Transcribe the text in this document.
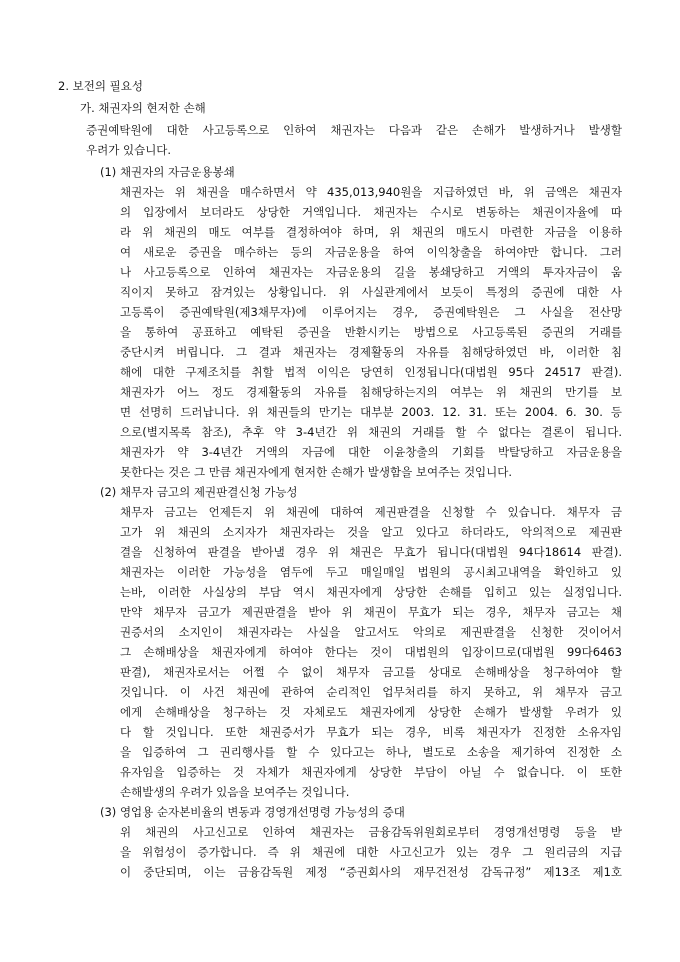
2. 보전의 필요성
가. 채권자의 현저한 손해
증권예탁원에 대한 사고등록으로 인하여 채권자는 다음과 같은 손해가 발생하거나 발생할
우려가 있습니다.
(1) 채권자의 자금운용봉쇄
채권자는 위 채권을 매수하면서 약 435,013,940원을 지급하였던 바, 위 금액은 채권자
의 입장에서 보더라도 상당한 거액입니다. 채권자는 수시로 변동하는 채권이자율에 따
라 위 채권의 매도 여부를 결정하여야 하며, 위 채권의 매도시 마련한 자금을 이용하
여 새로운 증권을 매수하는 등의 자금운용을 하여 이익창출을 하여야만 합니다. 그러
나 사고등록으로 인하여 채권자는 자금운용의 길을 봉쇄당하고 거액의 투자자금이 움
직이지 못하고 잠겨있는 상황입니다. 위 사실관계에서 보듯이 특정의 증권에 대한 사
고등록이 증권예탁원(제3채무자)에 이루어지는 경우, 증권예탁원은 그 사실을 전산망
을 통하여 공표하고 예탁된 증권을 반환시키는 방법으로 사고등록된 증권의 거래를
중단시켜 버립니다. 그 결과 채권자는 경제활동의 자유를 침해당하였던 바, 이러한 침
해에 대한 구제조치를 취할 법적 이익은 당연히 인정됩니다(대법원 95다 24517 판결).
채권자가 어느 정도 경제활동의 자유를 침해당하는지의 여부는 위 채권의 만기를 보
면 선명히 드러납니다. 위 채권들의 만기는 대부분 2003. 12. 31. 또는 2004. 6. 30. 등
으로(별지목록 참조), 추후 약 3-4년간 위 채권의 거래를 할 수 없다는 결론이 됩니다.
채권자가 약 3-4년간 거액의 자금에 대한 이윤창출의 기회를 박탈당하고 자금운용을
못한다는 것은 그 만큼 채권자에게 현저한 손해가 발생함을 보여주는 것입니다.
(2) 채무자 금고의 제권판결신청 가능성
채무자 금고는 언제든지 위 채권에 대하여 제권판결을 신청할 수 있습니다. 채무자 금
고가 위 채권의 소지자가 채권자라는 것을 알고 있다고 하더라도, 악의적으로 제권판
결을 신청하여 판결을 받아낼 경우 위 채권은 무효가 됩니다(대법원 94다18614 판결).
채권자는 이러한 가능성을 염두에 두고 매일매일 법원의 공시최고내역을 확인하고 있
는바, 이러한 사실상의 부담 역시 채권자에게 상당한 손해를 입히고 있는 실정입니다.
만약 채무자 금고가 제권판결을 받아 위 채권이 무효가 되는 경우, 채무자 금고는 채
권증서의 소지인이 채권자라는 사실을 알고서도 악의로 제권판결을 신청한 것이어서
그 손해배상을 채권자에게 하여야 한다는 것이 대법원의 입장이므로(대법원 99다6463
판결), 채권자로서는 어쩔 수 없이 채무자 금고를 상대로 손해배상을 청구하여야 할
것입니다. 이 사건 채권에 관하여 순리적인 업무처리를 하지 못하고, 위 채무자 금고
에게 손해배상을 청구하는 것 자체로도 채권자에게 상당한 손해가 발생할 우려가 있
다 할 것입니다. 또한 채권증서가 무효가 되는 경우, 비록 채권자가 진정한 소유자임
을 입증하여 그 권리행사를 할 수 있다고는 하나, 별도로 소송을 제기하여 진정한 소
유자임을 입증하는 것 자체가 채권자에게 상당한 부담이 아닐 수 없습니다. 이 또한
손해발생의 우려가 있음을 보여주는 것입니다.
(3) 영업용 순자본비율의 변동과 경영개선명령 가능성의 증대
위 채권의 사고신고로 인하여 채권자는 금융감독위원회로부터 경영개선명령 등을 받
을 위험성이 증가합니다. 즉 위 채권에 대한 사고신고가 있는 경우 그 원리금의 지급
이 중단되며, 이는 금융감독원 제정 “증권회사의 재무건전성 감독규정” 제13조 제1호
